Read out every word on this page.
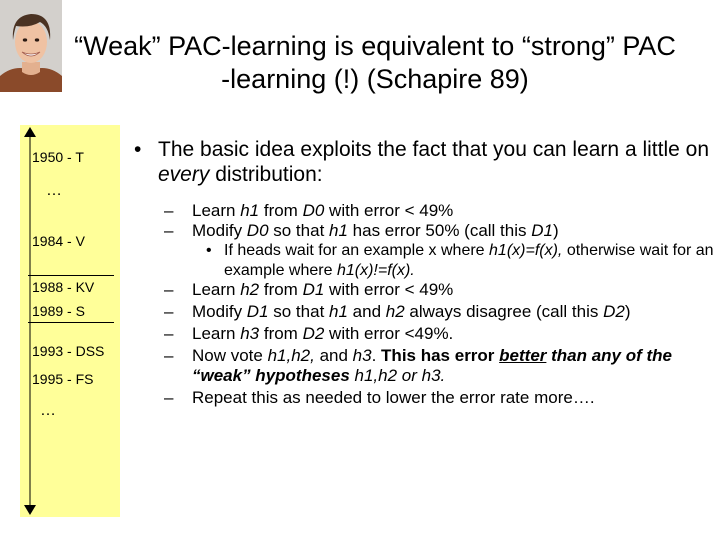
“Weak” PAC-learning is equivalent to “strong” PAC
-learning (!) (Schapire 89)
1950 - T
…
1984 - V
1988 - KV
1989 - S
1993 - DSS
1995 - FS
…
• The basic idea exploits the fact that you can learn a little on every distribution:
– Learn h1 from D0 with error < 49%
– Modify D0 so that h1 has error 50% (call this D1)
• If heads wait for an example x where h1(x)=f(x), otherwise wait for an example where h1(x)!=f(x).
– Learn h2 from D1 with error < 49%
– Modify D1 so that h1 and h2 always disagree (call this D2)
– Learn h3 from D2 with error <49%.
– Now vote h1,h2, and h3. This has error better than any of the “weak” hypotheses h1,h2 or h3.
– Repeat this as needed to lower the error rate more….
